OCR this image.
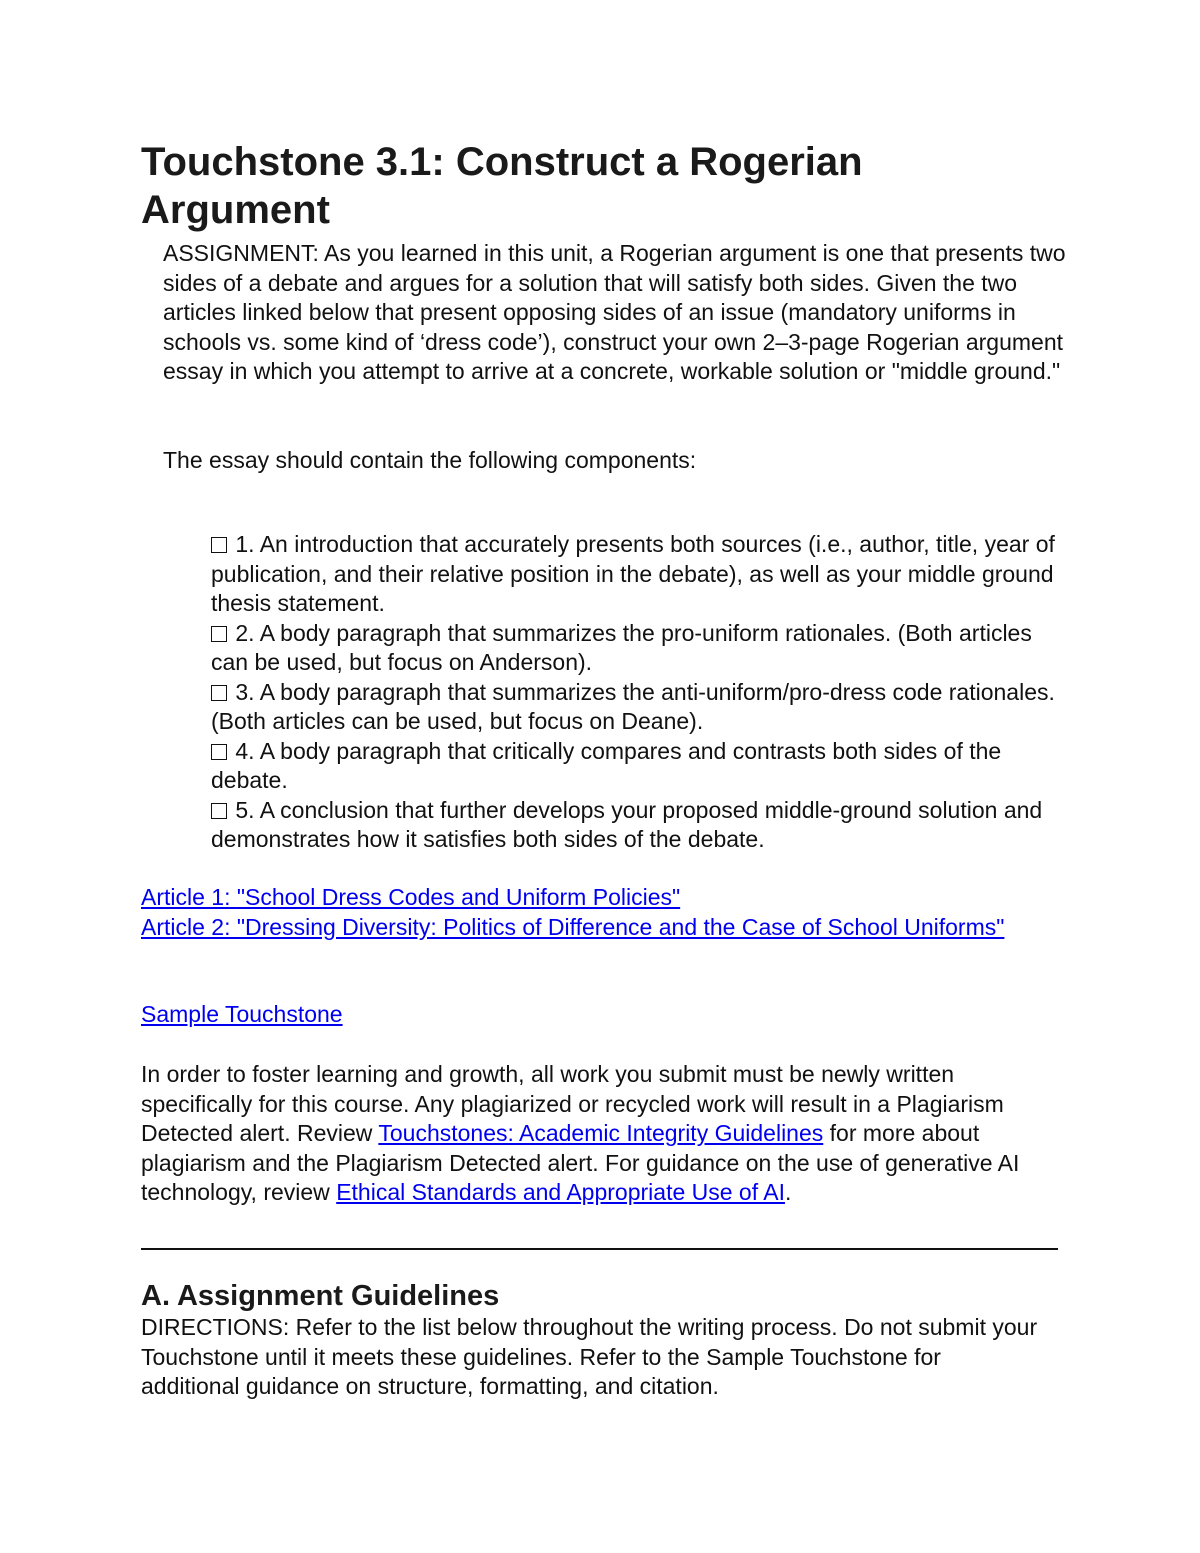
Touchstone 3.1: Construct a Rogerian Argument

ASSIGNMENT: As you learned in this unit, a Rogerian argument is one that presents two sides of a debate and argues for a solution that will satisfy both sides. Given the two articles linked below that present opposing sides of an issue (mandatory uniforms in schools vs. some kind of ‘dress code’), construct your own 2–3-page Rogerian argument essay in which you attempt to arrive at a concrete, workable solution or "middle ground."

The essay should contain the following components:

1. An introduction that accurately presents both sources (i.e., author, title, year of publication, and their relative position in the debate), as well as your middle ground thesis statement.
2. A body paragraph that summarizes the pro-uniform rationales. (Both articles can be used, but focus on Anderson).
3. A body paragraph that summarizes the anti-uniform/pro-dress code rationales. (Both articles can be used, but focus on Deane).
4. A body paragraph that critically compares and contrasts both sides of the debate.
5. A conclusion that further develops your proposed middle-ground solution and demonstrates how it satisfies both sides of the debate.
Article 1: "School Dress Codes and Uniform Policies"
Article 2: "Dressing Diversity: Politics of Difference and the Case of School Uniforms"
Sample Touchstone

In order to foster learning and growth, all work you submit must be newly written specifically for this course. Any plagiarized or recycled work will result in a Plagiarism Detected alert. Review Touchstones: Academic Integrity Guidelines for more about plagiarism and the Plagiarism Detected alert. For guidance on the use of generative AI technology, review Ethical Standards and Appropriate Use of AI.

A. Assignment Guidelines

DIRECTIONS: Refer to the list below throughout the writing process. Do not submit your Touchstone until it meets these guidelines. Refer to the Sample Touchstone for additional guidance on structure, formatting, and citation.
